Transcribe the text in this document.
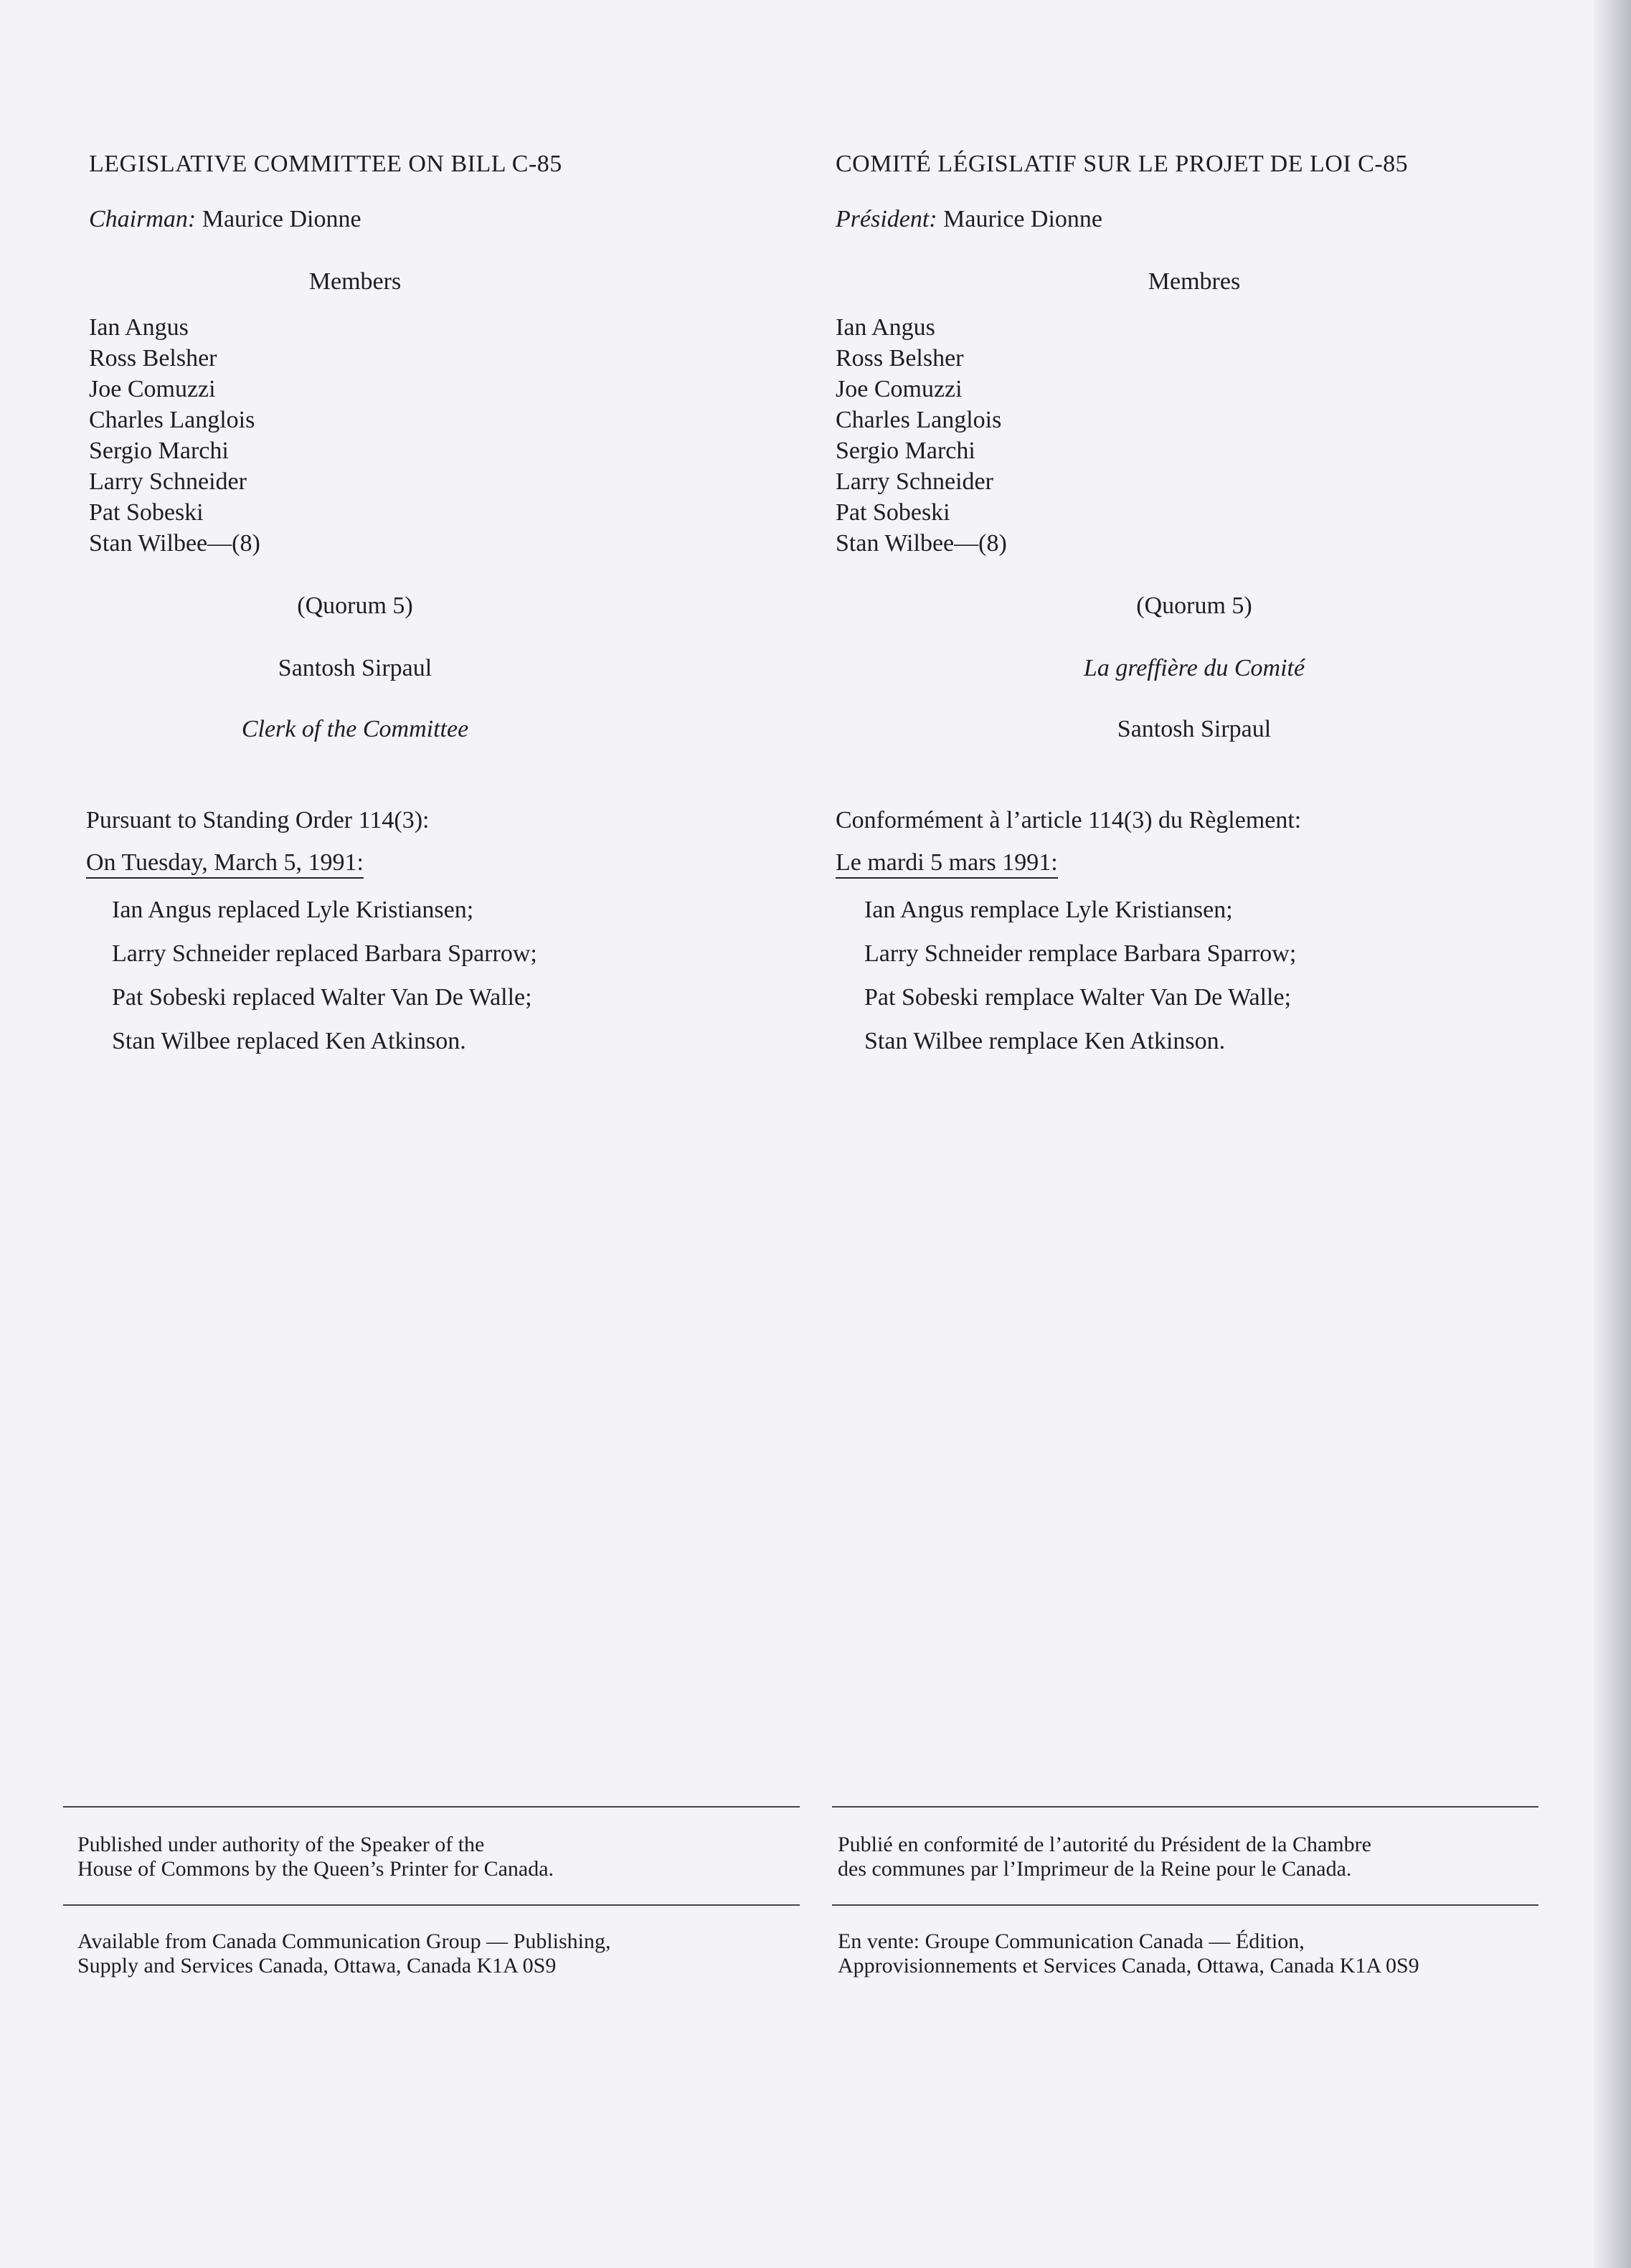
LEGISLATIVE COMMITTEE ON BILL C-85
Chairman: Maurice Dionne
Members
Ian Angus
Ross Belsher
Joe Comuzzi
Charles Langlois
Sergio Marchi
Larry Schneider
Pat Sobeski
Stan Wilbee—(8)
(Quorum 5)
Santosh Sirpaul
Clerk of the Committee
Pursuant to Standing Order 114(3):
On Tuesday, March 5, 1991:
Ian Angus replaced Lyle Kristiansen;
Larry Schneider replaced Barbara Sparrow;
Pat Sobeski replaced Walter Van De Walle;
Stan Wilbee replaced Ken Atkinson.
COMITÉ LÉGISLATIF SUR LE PROJET DE LOI C-85
Président: Maurice Dionne
Membres
Ian Angus
Ross Belsher
Joe Comuzzi
Charles Langlois
Sergio Marchi
Larry Schneider
Pat Sobeski
Stan Wilbee—(8)
(Quorum 5)
La greffière du Comité
Santosh Sirpaul
Conformément à l’article 114(3) du Règlement:
Le mardi 5 mars 1991:
Ian Angus remplace Lyle Kristiansen;
Larry Schneider remplace Barbara Sparrow;
Pat Sobeski remplace Walter Van De Walle;
Stan Wilbee remplace Ken Atkinson.
Published under authority of the Speaker of the
House of Commons by the Queen’s Printer for Canada.
Available from Canada Communication Group — Publishing,
Supply and Services Canada, Ottawa, Canada K1A 0S9
Publié en conformité de l’autorité du Président de la Chambre
des communes par l’Imprimeur de la Reine pour le Canada.
En vente: Groupe Communication Canada — Édition,
Approvisionnements et Services Canada, Ottawa, Canada K1A 0S9
